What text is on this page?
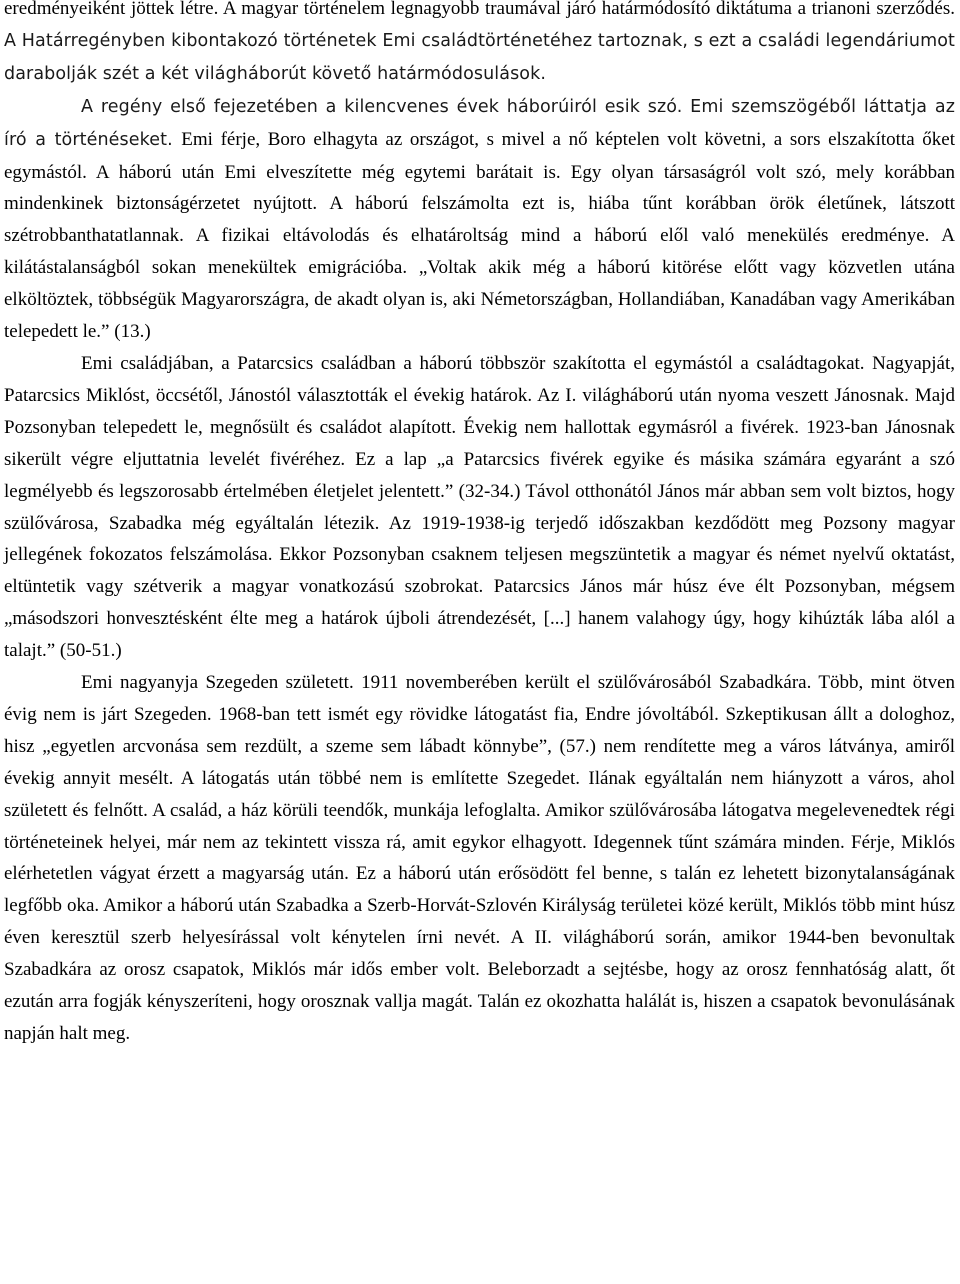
eredményeiként jöttek létre. A magyar történelem legnagyobb traumával járó határmódosító diktátuma a trianoni szerződés. A Határregényben kibontakozó történetek Emi családtörténetéhez tartoznak, s ezt a családi legendáriumot darabolják szét a két világháborút követő határmódosulások.

A regény első fejezetében a kilencvenes évek háborúiról esik szó. Emi szemszögéből láttatja az író a történéseket. Emi férje, Boro elhagyta az országot, s mivel a nő képtelen volt követni, a sors elszakította őket egymástól. A háború után Emi elveszítette még egytemi barátait is. Egy olyan társaságról volt szó, mely korábban mindenkinek biztonságérzetet nyújtott. A háború felszámolta ezt is, hiába tűnt korábban örök életűnek, látszott szétrobbanthatatlannak. A fizikai eltávolodás és elhatároltság mind a háború elől való menekülés eredménye. A kilátástalanságból sokan menekültek emigrációba. „Voltak akik még a háború kitörése előtt vagy közvetlen utána elköltöztek, többségük Magyarországra, de akadt olyan is, aki Németországban, Hollandiában, Kanadában vagy Amerikában telepedett le.” (13.)

Emi családjában, a Patarcsics családban a háború többször szakította el egymástól a családtagokat. Nagyapját, Patarcsics Miklóst, öccsétől, Jánostól választották el évekig határok. Az I. világháború után nyoma veszett Jánosnak. Majd Pozsonyban telepedett le, megnősült és családot alapított. Évekig nem hallottak egymásról a fivérek. 1923-ban Jánosnak sikerült végre eljuttatnia levelét fivéréhez. Ez a lap „a Patarcsics fivérek egyike és másika számára egyaránt a szó legmélyebb és legszorosabb értelmében életjelet jelentett.” (32-34.) Távol otthonától János már abban sem volt biztos, hogy szülővárosa, Szabadka még egyáltalán létezik. Az 1919-1938-ig terjedő időszakban kezdődött meg Pozsony magyar jellegének fokozatos felszámolása. Ekkor Pozsonyban csaknem teljesen megszüntetik a magyar és német nyelvű oktatást, eltüntetik vagy szétverik a magyar vonatkozású szobrokat. Patarcsics János már húsz éve élt Pozsonyban, mégsem „másodszori honvesztésként élte meg a határok újboli átrendezését, [...] hanem valahogy úgy, hogy kihúzták lába alól a talajt.” (50-51.)

Emi nagyanyja Szegeden született. 1911 novemberében került el szülővárosából Szabadkára. Több, mint ötven évig nem is járt Szegeden. 1968-ban tett ismét egy rövidke látogatást fia, Endre jóvoltából. Szkeptikusan állt a dologhoz, hisz „egyetlen arcvonása sem rezdült, a szeme sem lábadt könnybe”, (57.) nem rendítette meg a város látványa, amiről évekig annyit mesélt. A látogatás után többé nem is említette Szegedet. Ilának egyáltalán nem hiányzott a város, ahol született és felnőtt. A család, a ház körüli teendők, munkája lefoglalta. Amikor szülővárosába látogatva megelevenedtek régi történeteinek helyei, már nem az tekintett vissza rá, amit egykor elhagyott. Idegennek tűnt számára minden. Férje, Miklós elérhetetlen vágyat érzett a magyarság után. Ez a háború után erősödött fel benne, s talán ez lehetett bizonytalanságának legfőbb oka. Amikor a háború után Szabadka a Szerb-Horvát-Szlovén Királyság területei közé került, Miklós több mint húsz éven keresztül szerb helyesírással volt kénytelen írni nevét. A II. világháború során, amikor 1944-ben bevonultak Szabadkára az orosz csapatok, Miklós már idős ember volt. Beleborzadt a sejtésbe, hogy az orosz fennhatóság alatt, őt ezután arra fogják kényszeríteni, hogy orosznak vallja magát. Talán ez okozhatta halálát is, hiszen a csapatok bevonulásának napján halt meg.
